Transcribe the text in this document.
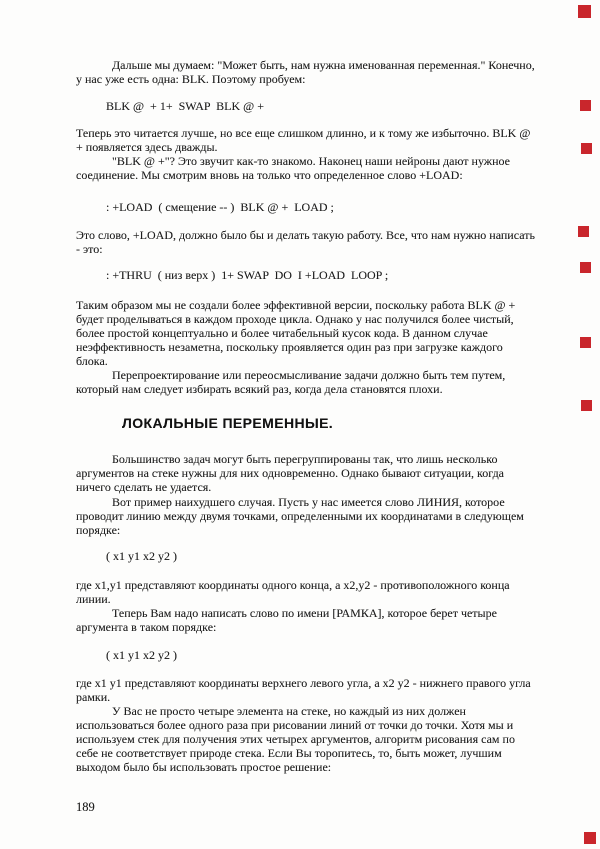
Дальше мы думаем: "Может быть, нам нужна именованная переменная." Конечно,
у нас уже есть одна: BLK. Поэтому пробуем:
BLK @  + 1+  SWAP  BLK @ +
Теперь это читается лучше, но все еще слишком длинно, и к тому же избыточно. BLK @
+ появляется здесь дважды.
"BLK @ +"? Это звучит как-то знакомо. Наконец наши нейроны дают нужное
соединение. Мы смотрим вновь на только что определенное слово +LOAD:
: +LOAD  ( смещение -- )  BLK @ +  LOAD ;
Это слово, +LOAD, должно было бы и делать такую работу. Все, что нам нужно написать
- это:
: +THRU  ( низ верх )  1+ SWAP  DO  I +LOAD  LOOP ;
Таким образом мы не создали более эффективной версии, поскольку работа BLK @ +
будет проделываться в каждом проходе цикла. Однако у нас получился более чистый,
более простой концептуально и более читабельный кусок кода. В данном случае
неэффективность незаметна, поскольку проявляется один раз при загрузке каждого
блока.
Перепроектирование или переосмысливание задачи должно быть тем путем,
который нам следует избирать всякий раз, когда дела становятся плохи.
ЛОКАЛЬНЫЕ ПЕРЕМЕННЫЕ.
Большинство задач могут быть перегруппированы так, что лишь несколько
аргументов на стеке нужны для них одновременно. Однако бывают ситуации, когда
ничего сделать не удается.
Вот пример наихудшего случая. Пусть у нас имеется слово ЛИНИЯ, которое
проводит линию между двумя точками, определенными их координатами в следующем
порядке:
( x1 y1 x2 y2 )
где x1,y1 представляют координаты одного конца, а x2,y2 - противоположного конца
линии.
Теперь Вам надо написать слово по имени [РАМКА], которое берет четыре
аргумента в таком порядке:
( x1 y1 x2 y2 )
где x1 y1 представляют координаты верхнего левого угла, а x2 y2 - нижнего правого угла
рамки.
У Вас не просто четыре элемента на стеке, но каждый из них должен
использоваться более одного раза при рисовании линий от точки до точки. Хотя мы и
используем стек для получения этих четырех аргументов, алгоритм рисования сам по
себе не соответствует природе стека. Если Вы торопитесь, то, быть может, лучшим
выходом было бы использовать простое решение:
189
